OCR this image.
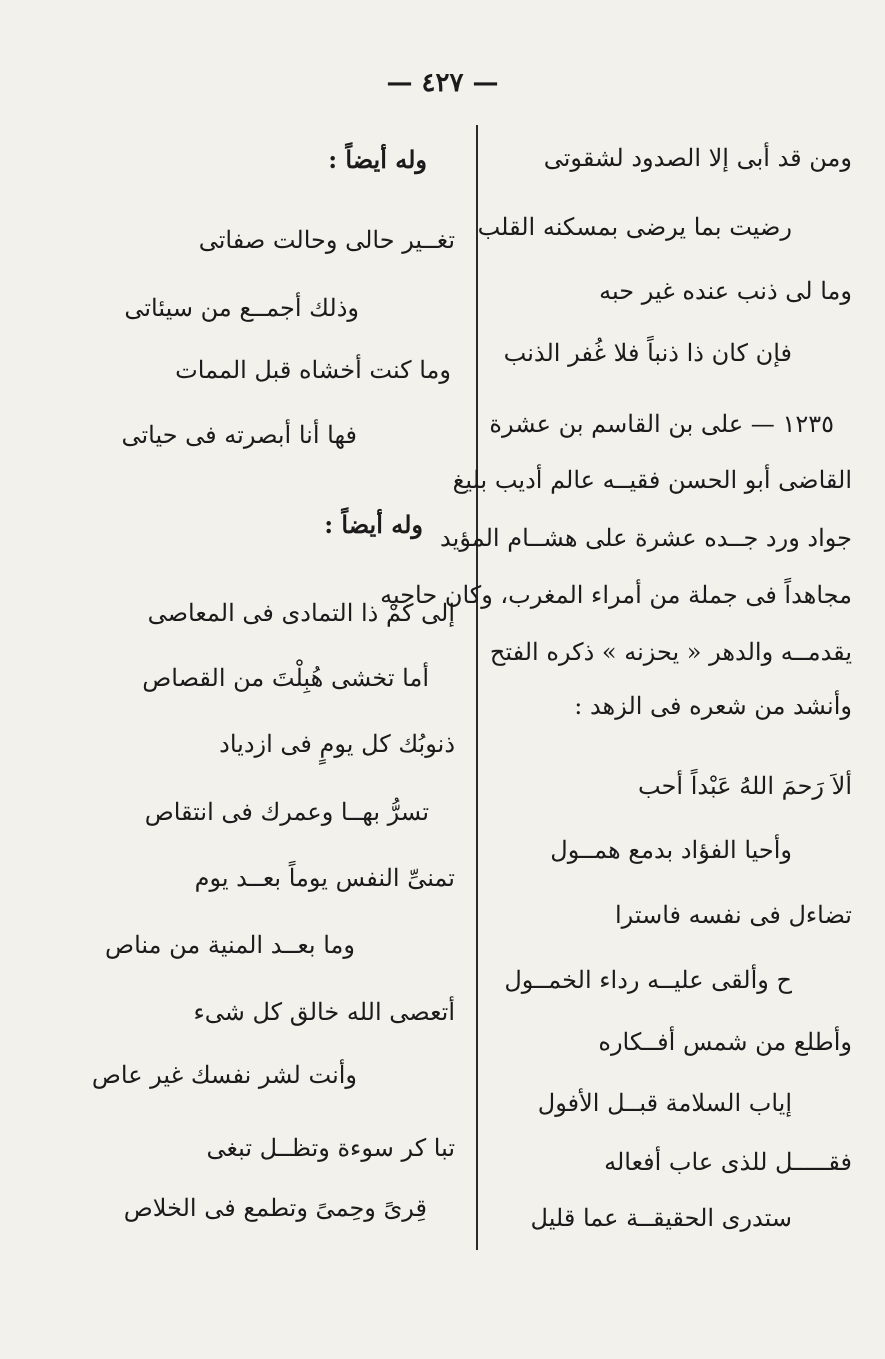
— ٤٢٧ —
ومن قد أبى إلا الصدود لشقوتى
رضيت بما يرضى بمسكنه القلب
وما لى ذنب عنده غير حبه
فإن كان ذا ذنباً فلا غُفر الذنب
١٢٣٥ — على بن القاسم بن عشرة
القاضى أبو الحسن فقيــه عالم أديب بليغ
جواد ورد جــده عشرة على هشــام المؤيد
مجاهداً فى جملة من أمراء المغرب، وكان حاجبه
يقدمــه والدهر « يحزنه » ذكره الفتح
وأنشد من شعره فى الزهد :
ألاَ رَحمَ اللهُ عَبْداً أحب
وأحيا الفؤاد بدمع همــول
تضاءل فى نفسه فاسترا
ح وألقى عليــه رداء الخمــول
وأطلع من شمس أفــكاره
إياب السلامة قبــل الأفول
فقـــــل للذى عاب أفعاله
ستدرى الحقيقــة عما قليل
وله أيضاً :
تغــير حالى وحالت صفاتى
وذلك أجمــع من سيئاتى
وما كنت أخشاه قبل الممات
فها أنا أبصرته فى حياتى
وله أيضاً :
إلى كمْ ذا التمادى فى المعاصى
أما تخشى هُبِلْتَ من القصاص
ذنوبُك كل يومٍ فى ازدياد
تسرُّ بهــا وعمرك فى انتقاص
تمنىِّ النفس يوماً بعــد يوم
وما بعــد المنية من مناص
أتعصى الله خالق كل شىء
وأنت لشر نفسك غير عاص
تبا كر سوءة وتظــل تبغى
قِرىً وحِمىً وتطمع فى الخلاص
